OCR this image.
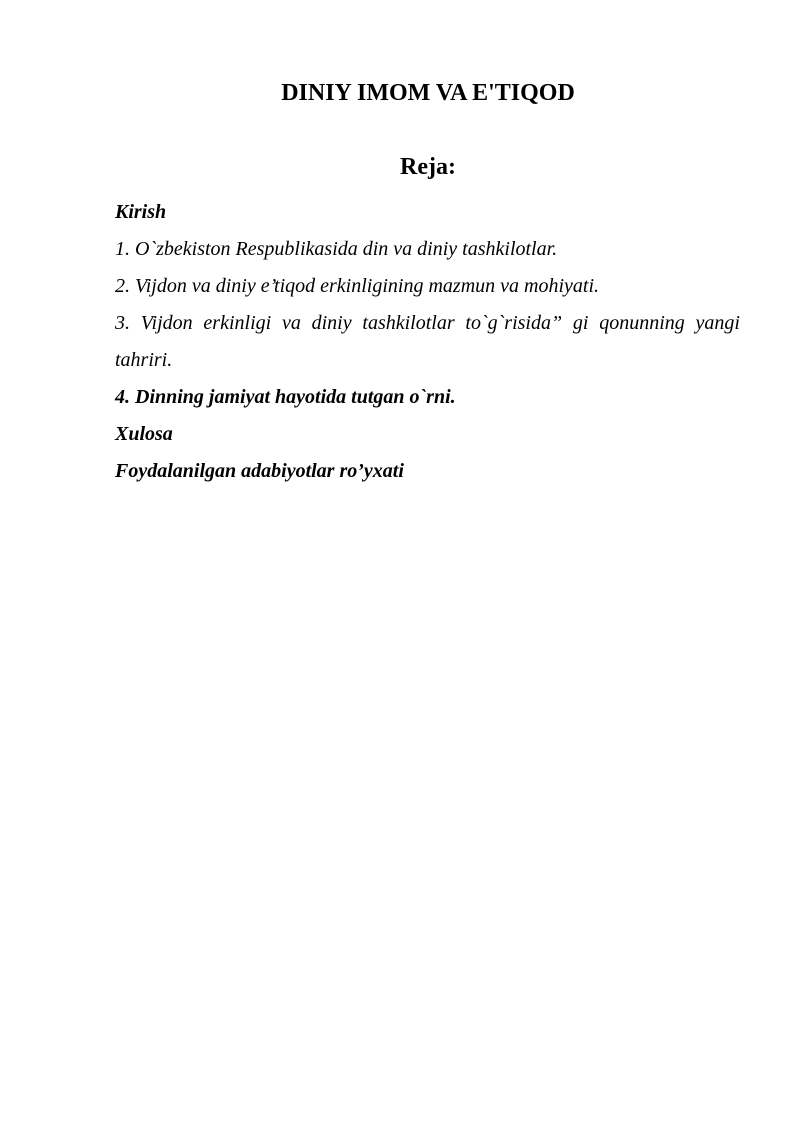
DINIY IMOM VA E'TIQOD
Reja:
Kirish
1. O`zbekiston Respublikasida din va diniy tashkilotlar.
2. Vijdon va diniy e’tiqod erkinligining mazmun va mohiyati.
3. Vijdon erkinligi va diniy tashkilotlar to`g`risida” gi qonunning yangi
tahriri.
4. Dinning jamiyat hayotida tutgan o`rni.
Xulosa
Foydalanilgan adabiyotlar ro’yxati
